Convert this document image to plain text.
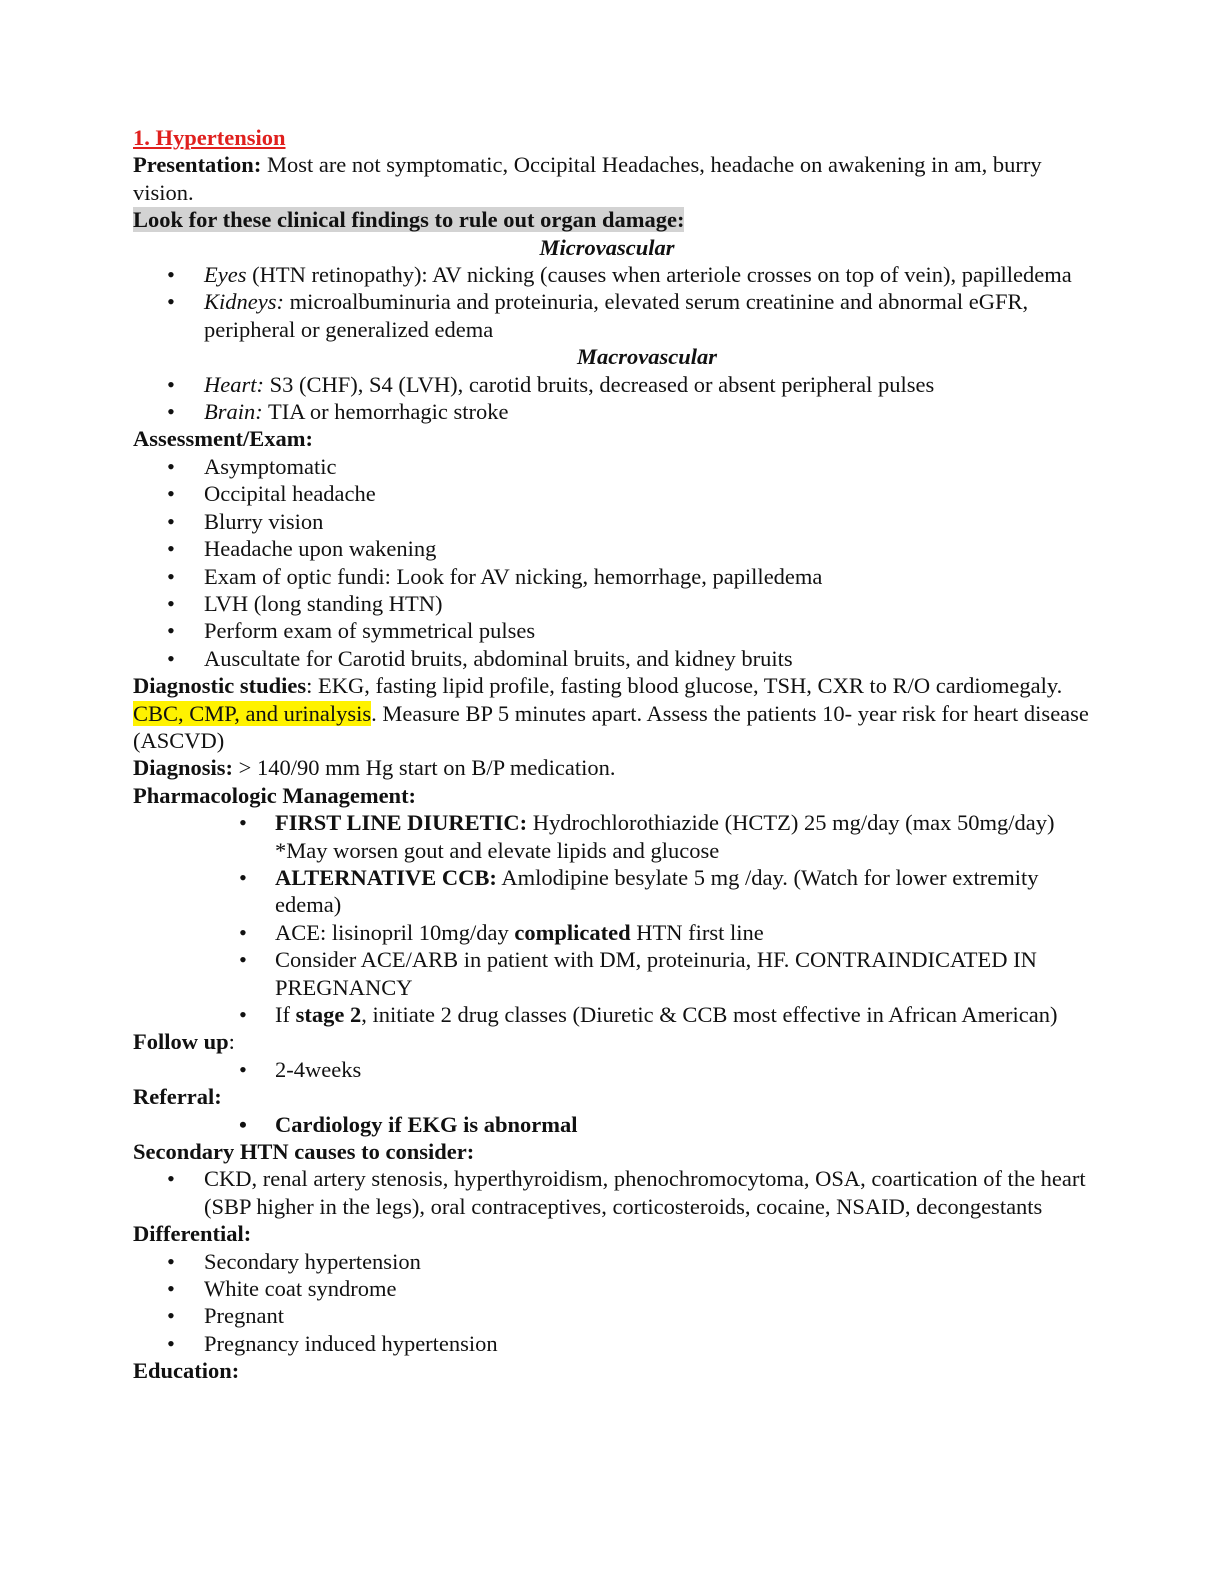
1. Hypertension

Presentation: Most are not symptomatic, Occipital Headaches, headache on awakening in am, burry vision.

Look for these clinical findings to rule out organ damage:

Microvascular

• Eyes (HTN retinopathy): AV nicking (causes when arteriole crosses on top of vein), papilledema
• Kidneys: microalbuminuria and proteinuria, elevated serum creatinine and abnormal eGFR, peripheral or generalized edema

Macrovascular

• Heart: S3 (CHF), S4 (LVH), carotid bruits, decreased or absent peripheral pulses
• Brain: TIA or hemorrhagic stroke

Assessment/Exam:

• Asymptomatic
• Occipital headache
• Blurry vision
• Headache upon wakening
• Exam of optic fundi: Look for AV nicking, hemorrhage, papilledema
• LVH (long standing HTN)
• Perform exam of symmetrical pulses
• Auscultate for Carotid bruits, abdominal bruits, and kidney bruits

Diagnostic studies: EKG, fasting lipid profile, fasting blood glucose, TSH, CXR to R/O cardiomegaly. CBC, CMP, and urinalysis. Measure BP 5 minutes apart. Assess the patients 10- year risk for heart disease (ASCVD)

Diagnosis: > 140/90 mm Hg start on B/P medication.

Pharmacologic Management:

• FIRST LINE DIURETIC: Hydrochlorothiazide (HCTZ) 25 mg/day (max 50mg/day) *May worsen gout and elevate lipids and glucose
• ALTERNATIVE CCB: Amlodipine besylate 5 mg /day. (Watch for lower extremity edema)
• ACE: lisinopril 10mg/day complicated HTN first line
• Consider ACE/ARB in patient with DM, proteinuria, HF. CONTRAINDICATED IN PREGNANCY
• If stage 2, initiate 2 drug classes (Diuretic & CCB most effective in African American)

Follow up:

• 2-4weeks

Referral:

• Cardiology if EKG is abnormal

Secondary HTN causes to consider:

• CKD, renal artery stenosis, hyperthyroidism, phenochromocytoma, OSA, coartication of the heart (SBP higher in the legs), oral contraceptives, corticosteroids, cocaine, NSAID, decongestants

Differential:

• Secondary hypertension
• White coat syndrome
• Pregnant
• Pregnancy induced hypertension

Education:
